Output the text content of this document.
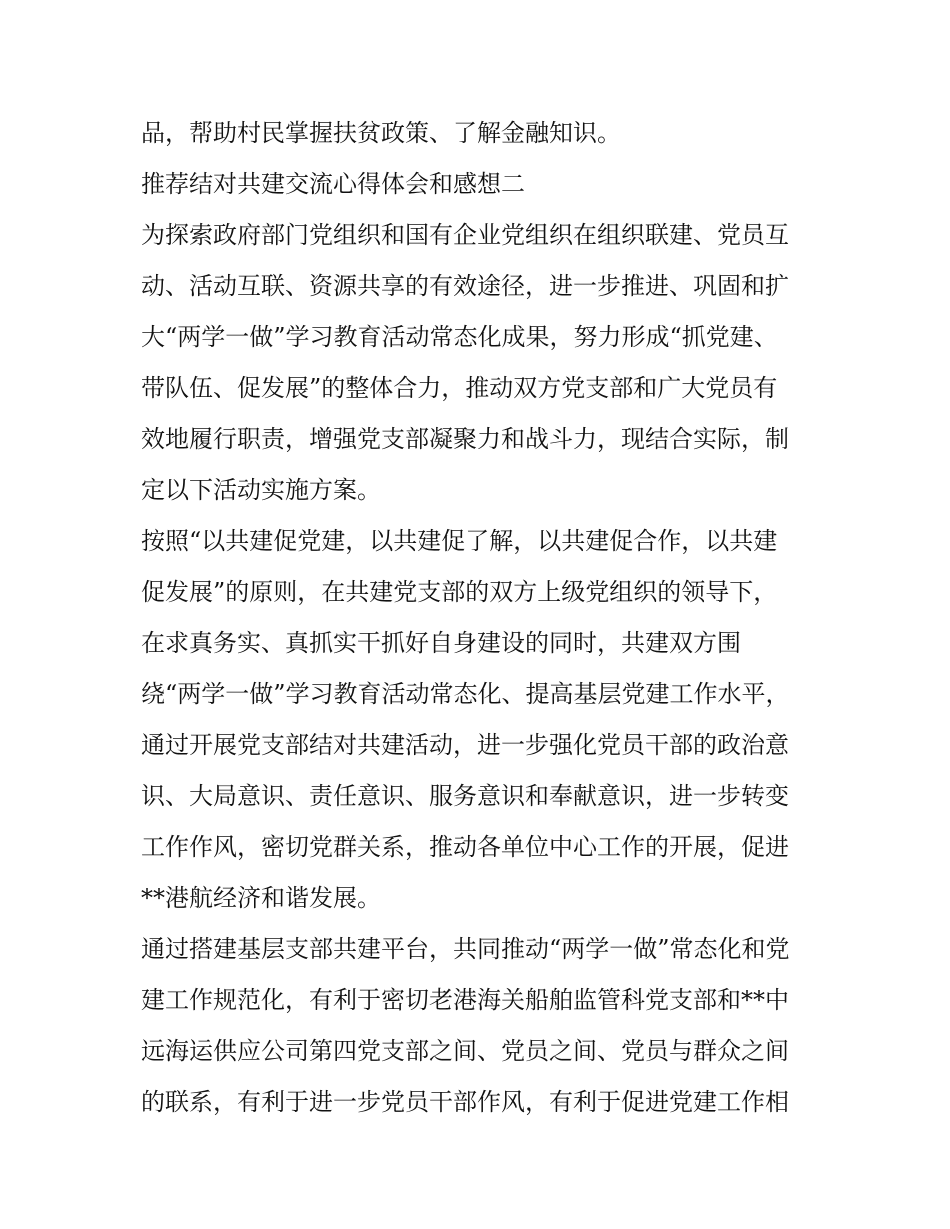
品，帮助村民掌握扶贫政策、了解金融知识。
推荐结对共建交流心得体会和感想二
为探索政府部门党组织和国有企业党组织在组织联建、党员互
动、活动互联、资源共享的有效途径，进一步推进、巩固和扩
大“两学一做”学习教育活动常态化成果，努力形成“抓党建、
带队伍、促发展”的整体合力，推动双方党支部和广大党员有
效地履行职责，增强党支部凝聚力和战斗力，现结合实际，制
定以下活动实施方案。
按照“以共建促党建，以共建促了解，以共建促合作，以共建
促发展”的原则，在共建党支部的双方上级党组织的领导下，
在求真务实、真抓实干抓好自身建设的同时，共建双方围
绕“两学一做”学习教育活动常态化、提高基层党建工作水平，
通过开展党支部结对共建活动，进一步强化党员干部的政治意
识、大局意识、责任意识、服务意识和奉献意识，进一步转变
工作作风，密切党群关系，推动各单位中心工作的开展，促进
**港航经济和谐发展。
通过搭建基层支部共建平台，共同推动“两学一做”常态化和党
建工作规范化，有利于密切老港海关船舶监管科党支部和**中
远海运供应公司第四党支部之间、党员之间、党员与群众之间
的联系，有利于进一步党员干部作风，有利于促进党建工作相
